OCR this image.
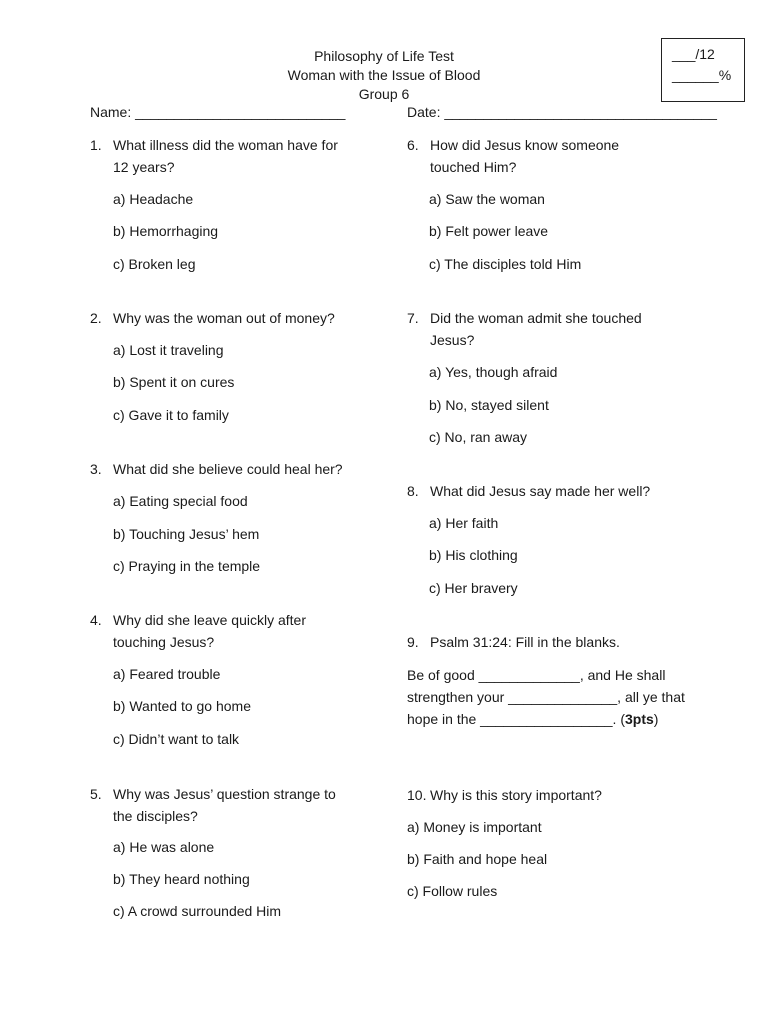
Philosophy of Life Test
Woman with the Issue of Blood
Group 6
Name: ___________________________	Date: ___________________________________
___/12
______%
1. What illness did the woman have for
12 years?
a) Headache
b) Hemorrhaging
c) Broken leg
2. Why was the woman out of money?
a) Lost it traveling
b) Spent it on cures
c) Gave it to family
3. What did she believe could heal her?
a) Eating special food
b) Touching Jesus’ hem
c) Praying in the temple
4. Why did she leave quickly after
touching Jesus?
a) Feared trouble
b) Wanted to go home
c) Didn’t want to talk
5. Why was Jesus’ question strange to
the disciples?
a) He was alone
b) They heard nothing
c) A crowd surrounded Him
6. How did Jesus know someone
touched Him?
a) Saw the woman
b) Felt power leave
c) The disciples told Him
7. Did the woman admit she touched
Jesus?
a) Yes, though afraid
b) No, stayed silent
c) No, ran away
8. What did Jesus say made her well?
a) Her faith
b) His clothing
c) Her bravery
9. Psalm 31:24: Fill in the blanks.
Be of good _____________, and He shall
strengthen your ______________, all ye that
hope in the _________________. (3pts)
10. Why is this story important?
a) Money is important
b) Faith and hope heal
c) Follow rules
